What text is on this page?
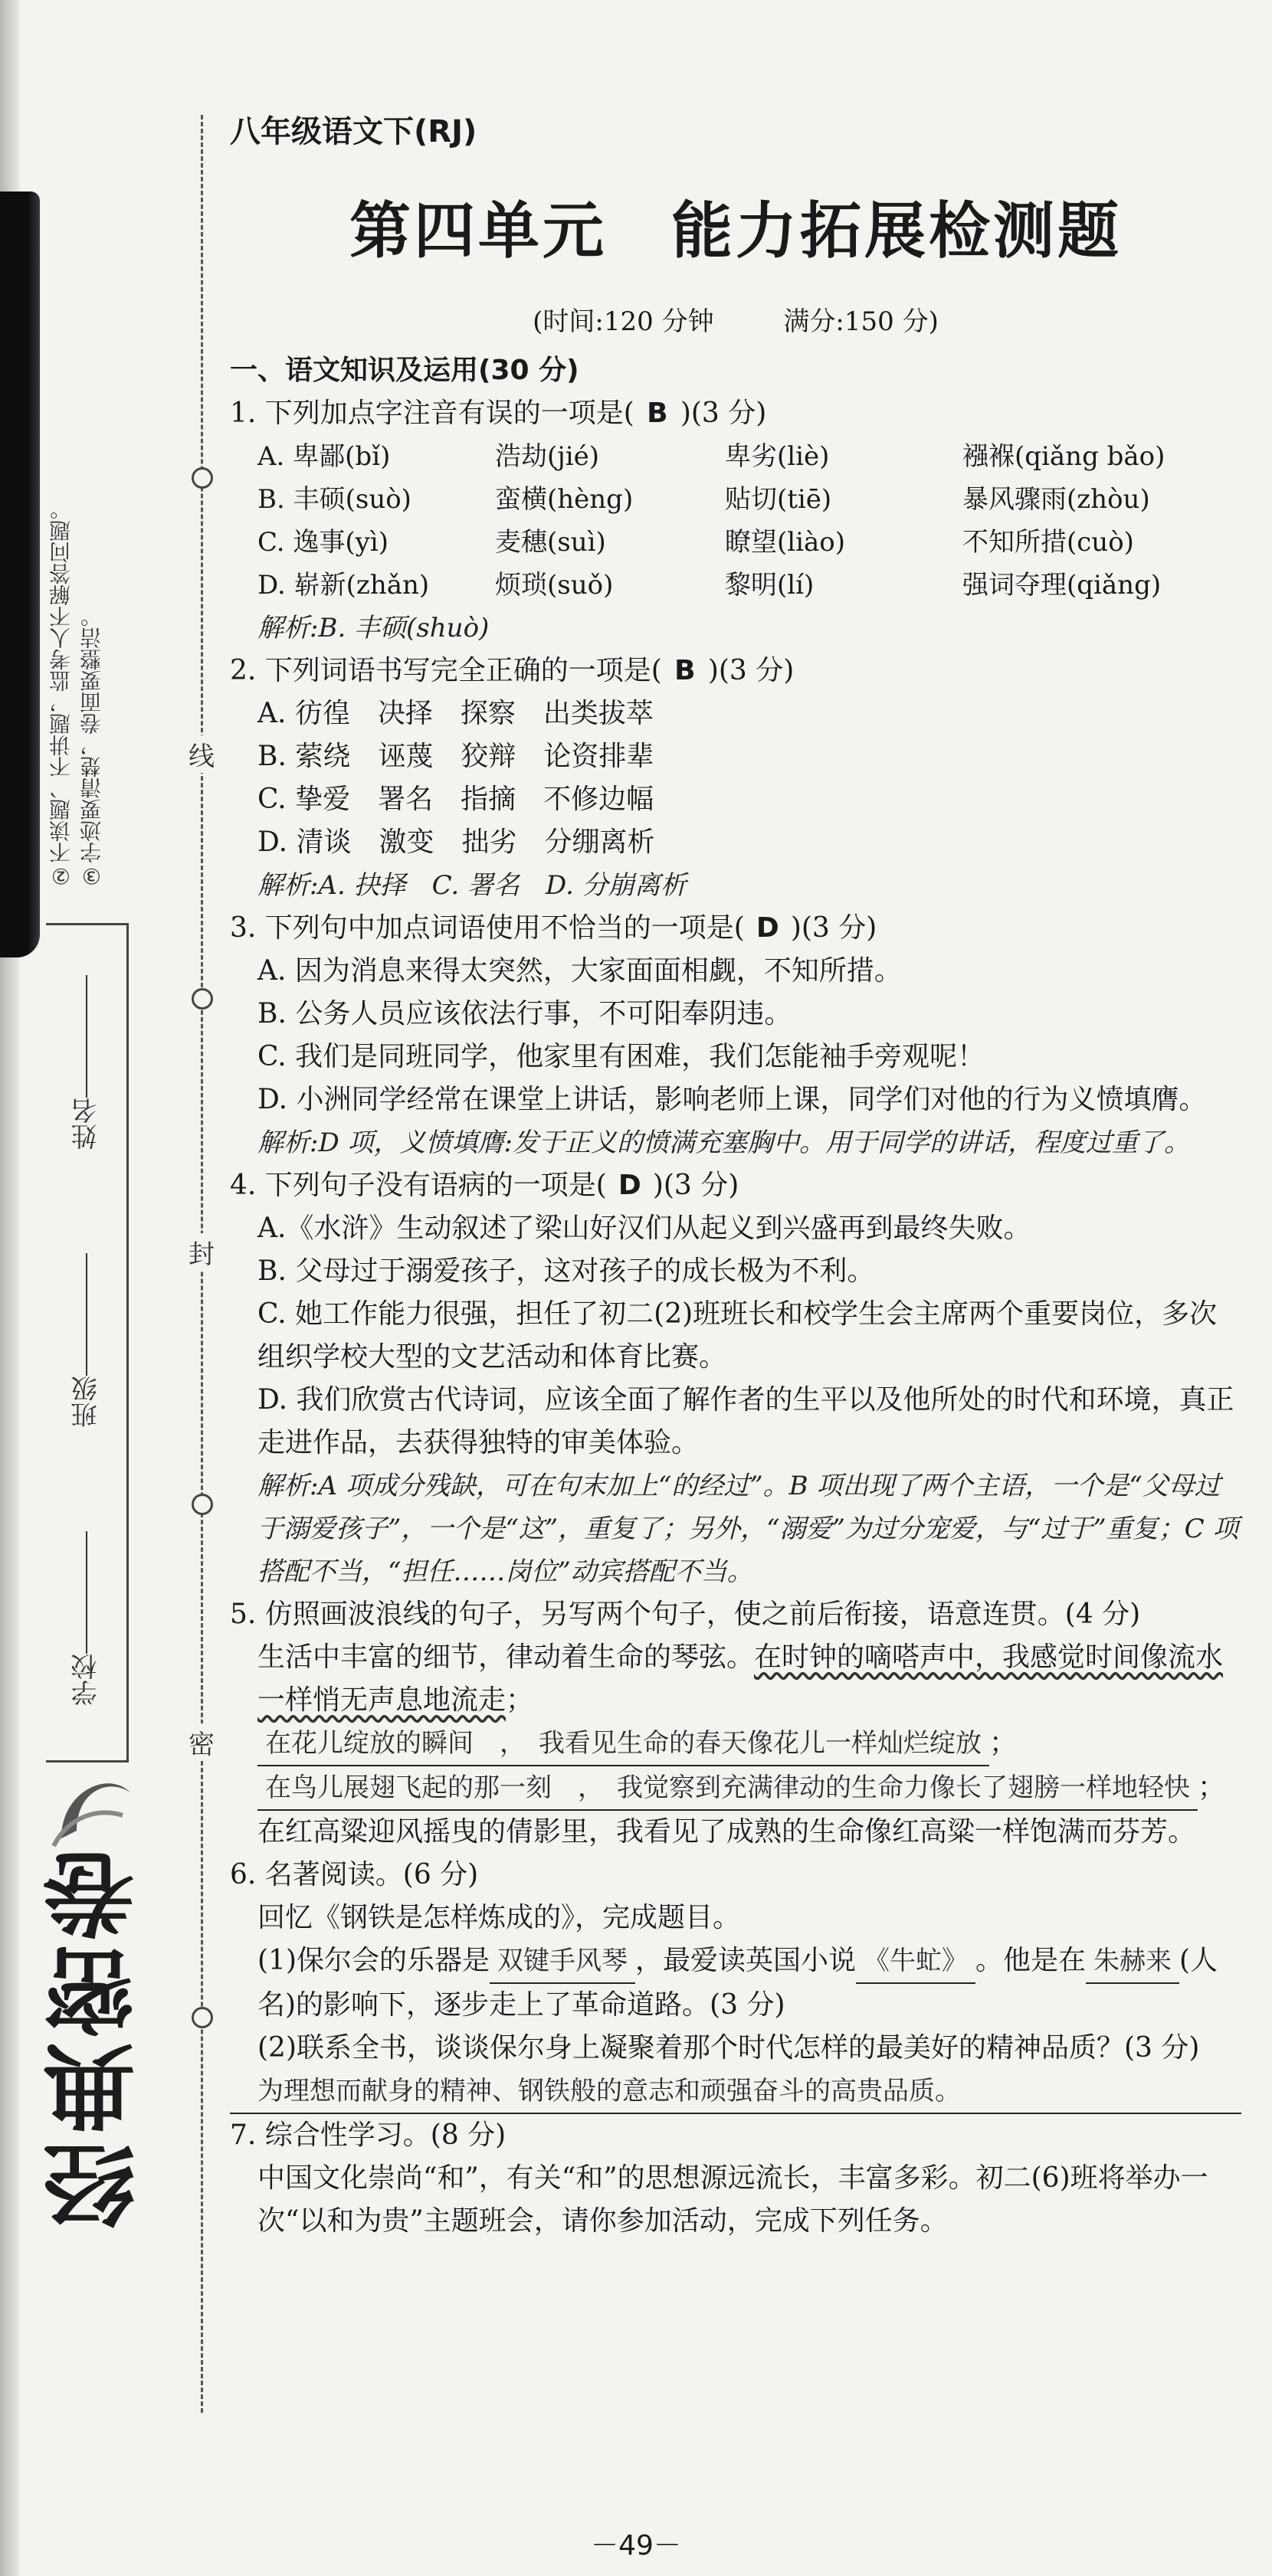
②不读题、不讲题，监考人不解答问题。 ③字迹要清楚，卷面要整洁。
学校
班级
姓名
经典密卷
线
封
密
八年级语文下(RJ)
第四单元　能力拓展检测题
(时间:120 分钟	满分:150 分)
一、语文知识及运用(30 分)
1. 下列加点字注音有误的一项是( B )(3 分)
A. 卑鄙(bǐ)	浩劫(jié)	卑劣(liè)	襁褓(qiǎng bǎo)
B. 丰硕(suò)	蛮横(hèng)	贴切(tiē)	暴风骤雨(zhòu)
C. 逸事(yì)	麦穗(suì)	瞭望(liào)	不知所措(cuò)
D. 崭新(zhǎn)	烦琐(suǒ)	黎明(lí)	强词夺理(qiǎng)
解析:B. 丰硕(shuò)
2. 下列词语书写完全正确的一项是( B )(3 分)
A. 彷徨　决择　探察　出类拔萃
B. 萦绕　诬蔑　狡辩　论资排辈
C. 挚爱　署名　指摘　不修边幅
D. 清谈　激变　拙劣　分绷离析
解析:A. 抉择　C. 署名　D. 分崩离析
3. 下列句中加点词语使用不恰当的一项是( D )(3 分)
A. 因为消息来得太突然，大家面面相觑，不知所措。
B. 公务人员应该依法行事，不可阳奉阴违。
C. 我们是同班同学，他家里有困难，我们怎能袖手旁观呢！
D. 小洲同学经常在课堂上讲话，影响老师上课，同学们对他的行为义愤填膺。
解析:D 项，义愤填膺:发于正义的愤满充塞胸中。用于同学的讲话，程度过重了。
4. 下列句子没有语病的一项是( D )(3 分)
A.《水浒》生动叙述了梁山好汉们从起义到兴盛再到最终失败。
B. 父母过于溺爱孩子，这对孩子的成长极为不利。
C. 她工作能力很强，担任了初二(2)班班长和校学生会主席两个重要岗位，多次组织学校大型的文艺活动和体育比赛。
D. 我们欣赏古代诗词，应该全面了解作者的生平以及他所处的时代和环境，真正走进作品，去获得独特的审美体验。
解析:A 项成分残缺，可在句末加上“的经过”。B 项出现了两个主语，一个是“父母过于溺爱孩子”，一个是“这”，重复了；另外，“溺爱”为过分宠爱，与“过于”重复；C 项搭配不当，“担任……岗位”动宾搭配不当。
5. 仿照画波浪线的句子，另写两个句子，使之前后衔接，语意连贯。(4 分)
生活中丰富的细节，律动着生命的琴弦。在时钟的嘀嗒声中，我感觉时间像流水一样悄无声息地流走；在花儿绽放的瞬间　，　我看见生命的春天像花儿一样灿烂绽放 ；在鸟儿展翅飞起的那一刻　，　我觉察到充满律动的生命力像长了翅膀一样地轻快 ；在红高粱迎风摇曳的倩影里，我看见了成熟的生命像红高粱一样饱满而芬芳。
6. 名著阅读。(6 分)
回忆《钢铁是怎样炼成的》，完成题目。
(1)保尔会的乐器是 双键手风琴 ，最爱读英国小说 《牛虻》 。他是在 朱赫来 (人名)的影响下，逐步走上了革命道路。(3 分)
(2)联系全书，谈谈保尔身上凝聚着那个时代怎样的最美好的精神品质？(3 分)
为理想而献身的精神、钢铁般的意志和顽强奋斗的高贵品质。
7. 综合性学习。(8 分)
中国文化崇尚“和”，有关“和”的思想源远流长，丰富多彩。初二(6)班将举办一次“以和为贵”主题班会，请你参加活动，完成下列任务。
－49－
